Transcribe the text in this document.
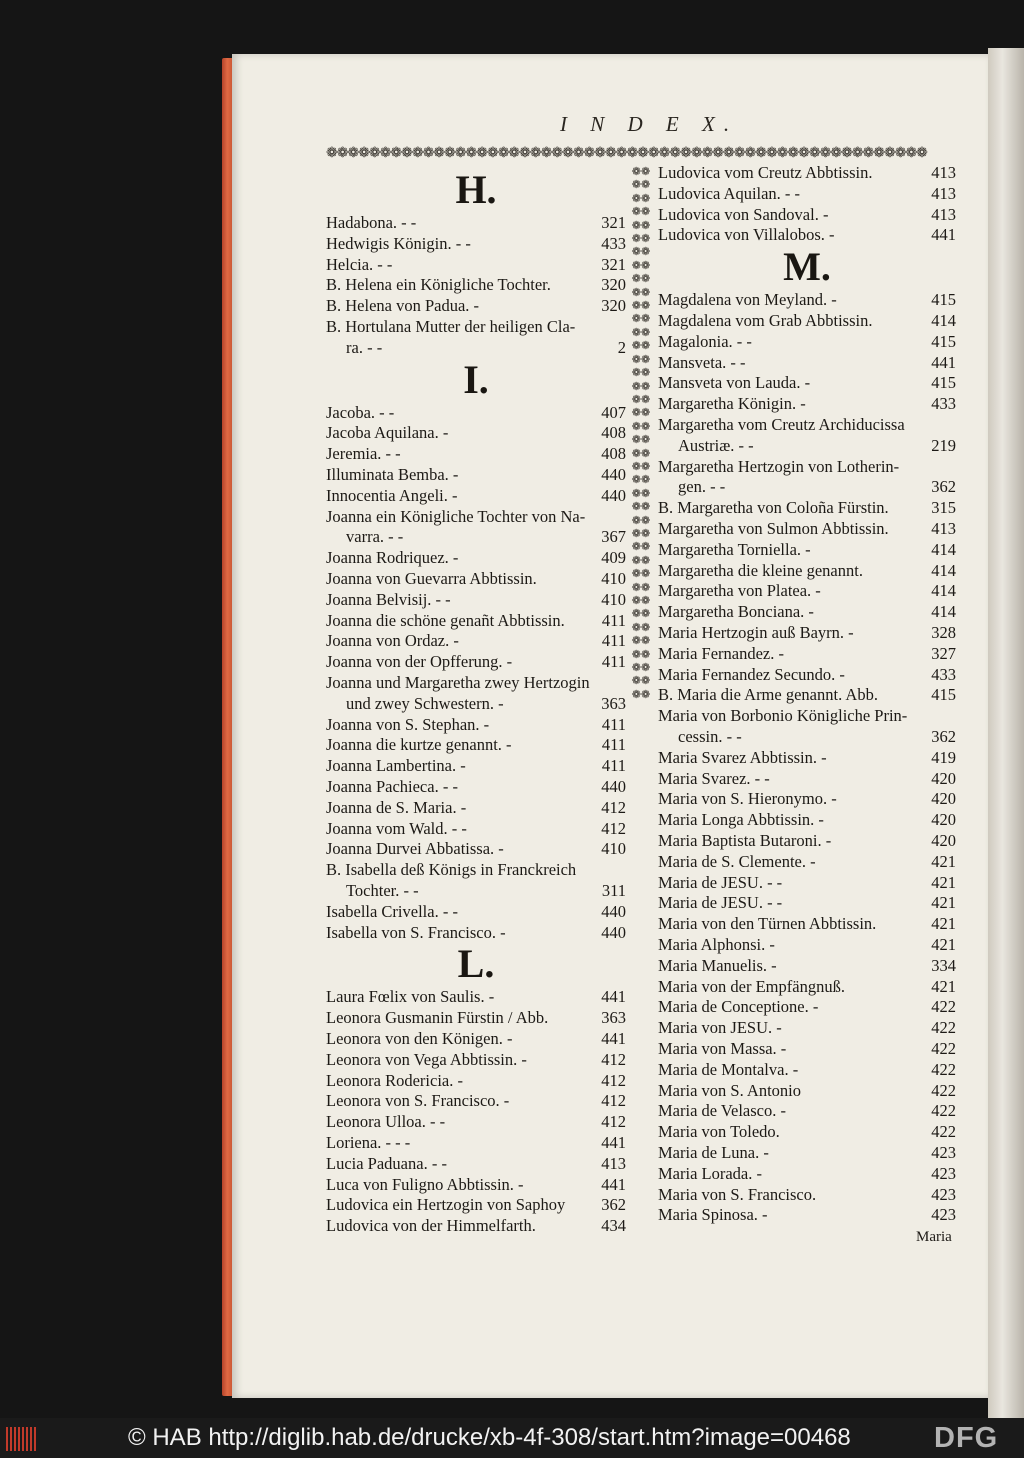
I N D E X.
❁❁❁❁❁❁❁❁❁❁❁❁❁❁❁❁❁❁❁❁❁❁❁❁❁❁❁❁❁❁❁❁❁❁❁❁❁❁❁❁❁❁❁❁❁❁❁❁❁❁❁❁❁❁❁❁
❁❁❁❁❁❁❁❁❁❁❁❁❁❁❁❁❁❁❁❁❁❁❁❁❁❁❁❁❁❁❁❁❁❁❁❁❁❁❁❁❁❁❁❁❁❁❁❁❁❁❁❁❁❁❁❁❁❁❁❁❁❁❁❁❁❁❁❁❁❁❁❁❁❁❁❁❁❁❁❁
H.
Hadabona. - -	321
Hedwigis Königin. - -	433
Helcia. - -	321
B. Helena ein Königliche Tochter.	320
B. Helena von Padua. -	320
B. Hortulana Mutter der heiligen Cla-
ra. - -	2
I.
Jacoba. - -	407
Jacoba Aquilana. -	408
Jeremia. - -	408
Illuminata Bemba. -	440
Innocentia Angeli. -	440
Joanna ein Königliche Tochter von Na-
varra. - -	367
Joanna Rodriquez. -	409
Joanna von Guevarra Abbtissin.	410
Joanna Belvisij. - -	410
Joanna die schöne genañt Abbtissin. 411
Joanna von Ordaz. -	411
Joanna von der Opfferung. -	411
Joanna und Margaretha zwey Hertzogin
und zwey Schwestern. -	363
Joanna von S. Stephan. -	411
Joanna die kurtze genannt. -	411
Joanna Lambertina. -	411
Joanna Pachieca. - -	440
Joanna de S. Maria. -	412
Joanna vom Wald. - -	412
Joanna Durvei Abbatissa. -	410
B. Isabella deß Königs in Franckreich
Tochter. - -	311
Isabella Crivella. - -	440
Isabella von S. Francisco. -	440
L.
Laura Fœlix von Saulis. -	441
Leonora Gusmanin Fürstin / Abb.	363
Leonora von den Königen. -	441
Leonora von Vega Abbtissin. -	412
Leonora Rodericia. -	412
Leonora von S. Francisco. -	412
Leonora Ulloa. - -	412
Loriena. - - -	441
Lucia Paduana. - -	413
Luca von Fuligno Abbtissin. -	441
Ludovica ein Hertzogin von Saphoy 362
Ludovica von der Himmelfarth.	434
Ludovica vom Creutz Abbtissin.	413
Ludovica Aquilan. - -	413
Ludovica von Sandoval. -	413
Ludovica von Villalobos. -	441
M.
Magdalena von Meyland. -	415
Magdalena vom Grab Abbtissin.	414
Magalonia. - -	415
Mansveta. - -	441
Mansveta von Lauda. -	415
Margaretha Königin. -	433
Margaretha vom Creutz Archiducissa
Austriæ. - -	219
Margaretha Hertzogin von Lotherin-
gen. - -	362
B. Margaretha von Coloña Fürstin.	315
Margaretha von Sulmon Abbtissin.	413
Margaretha Torniella. -	414
Margaretha die kleine genannt.	414
Margaretha von Platea. -	414
Margaretha Bonciana. -	414
Maria Hertzogin auß Bayrn. -	328
Maria Fernandez. -	327
Maria Fernandez Secundo. -	433
B. Maria die Arme genannt. Abb.	415
Maria von Borbonio Königliche Prin-
cessin. - -	362
Maria Svarez Abbtissin. -	419
Maria Svarez. - -	420
Maria von S. Hieronymo. -	420
Maria Longa Abbtissin. -	420
Maria Baptista Butaroni. -	420
Maria de S. Clemente. -	421
Maria de JESU. - -	421
Maria de JESU. - -	421
Maria von den Türnen Abbtissin.	421
Maria Alphonsi. -	421
Maria Manuelis. -	334
Maria von der Empfängnuß.	421
Maria de Conceptione. -	422
Maria von JESU. -	422
Maria von Massa. -	422
Maria de Montalva. -	422
Maria von S. Antonio	422
Maria de Velasco. -	422
Maria von Toledo.	422
Maria de Luna. -	423
Maria Lorada. -	423
Maria von S. Francisco.	423
Maria Spinosa. -	423
Maria
© HAB http://diglib.hab.de/drucke/xb-4f-308/start.htm?image=00468	DFG
